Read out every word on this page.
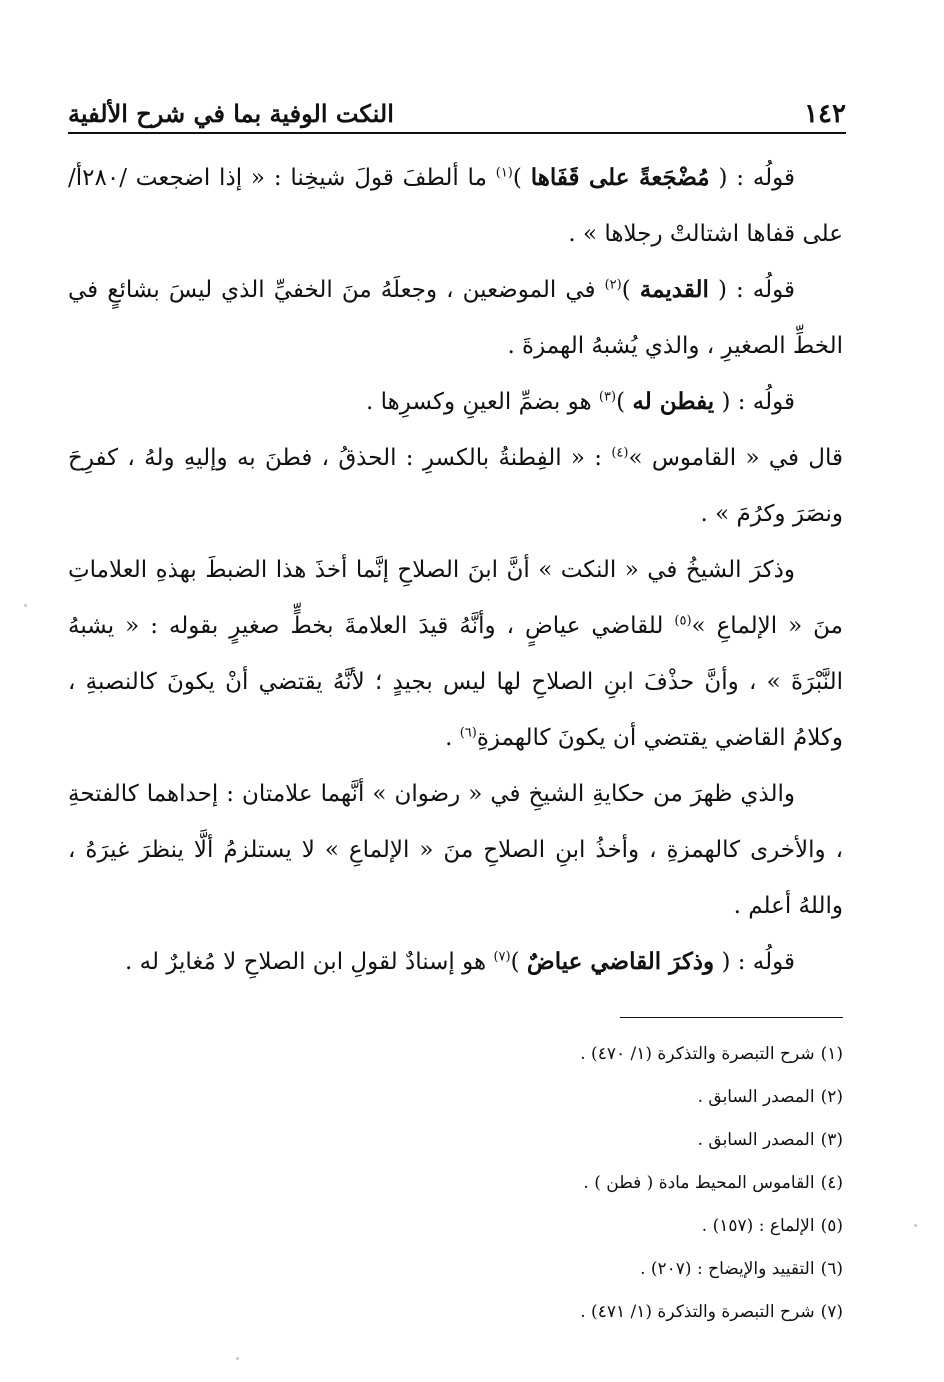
١٤٢
النكت الوفية بما في شرح الألفية

قولُه : ( مُضْجَعةً على قَفَاها )$^{(١)}$ ما ألطفَ قولَ شيخِنا : « إذا اضجعت /٢٨٠أ/ على قفاها اشتالتْ رجلاها » .

قولُه : ( القديمة )$^{(٢)}$ في الموضعين ، وجعلَهُ منَ الخفيِّ الذي ليسَ بشائعٍ في الخطِّ الصغيرِ ، والذي يُشبهُ الهمزةَ .

قولُه : ( يفطن له )$^{(٣)}$ هو بضمِّ العينِ وكسرِها .

قال في « القاموس »$^{(٤)}$ : « الفِطنةُ بالكسرِ : الحذقُ ، فطنَ به وإليهِ ولهُ ، كفرِحَ ونصَرَ وكرُمَ » .

وذكرَ الشيخُ في « النكت » أنَّ ابنَ الصلاحِ إنَّما أخذَ هذا الضبطَ بهذهِ العلاماتِ منَ « الإلماعِ »$^{(٥)}$ للقاضي عياضٍ ، وأنَّهُ قيدَ العلامةَ بخطٍّ صغيرٍ بقوله : « يشبهُ النَّبْرَةَ » ، وأنَّ حذْفَ ابنِ الصلاحِ لها ليس بجيدٍ ؛ لأنَّهُ يقتضي أنْ يكونَ كالنصبةِ ، وكلامُ القاضي يقتضي أن يكونَ كالهمزةِ$^{(٦)}$ .

والذي ظهرَ من حكايةِ الشيخِ في « رضوان » أنَّهما علامتان : إحداهما كالفتحةِ ، والأخرى كالهمزةِ ، وأخذُ ابنِ الصلاحِ منَ « الإلماعِ » لا يستلزمُ ألَّا ينظرَ غيرَهُ ، واللهُ أعلم .

قولُه : ( وذكرَ القاضي عياضٌ )$^{(٧)}$ هو إسنادٌ لقولِ ابن الصلاحِ لا مُغايرٌ له .

(١)
شرح التبصرة والتذكرة (١/ ٤٧٠) .
(٢)
المصدر السابق .
(٣)
المصدر السابق .
(٤)
القاموس المحيط مادة ( فطن ) .
(٥)
الإلماع : (١٥٧) .
(٦)
التقييد والإيضاح : (٢٠٧) .
(٧)
شرح التبصرة والتذكرة (١/ ٤٧١) .
